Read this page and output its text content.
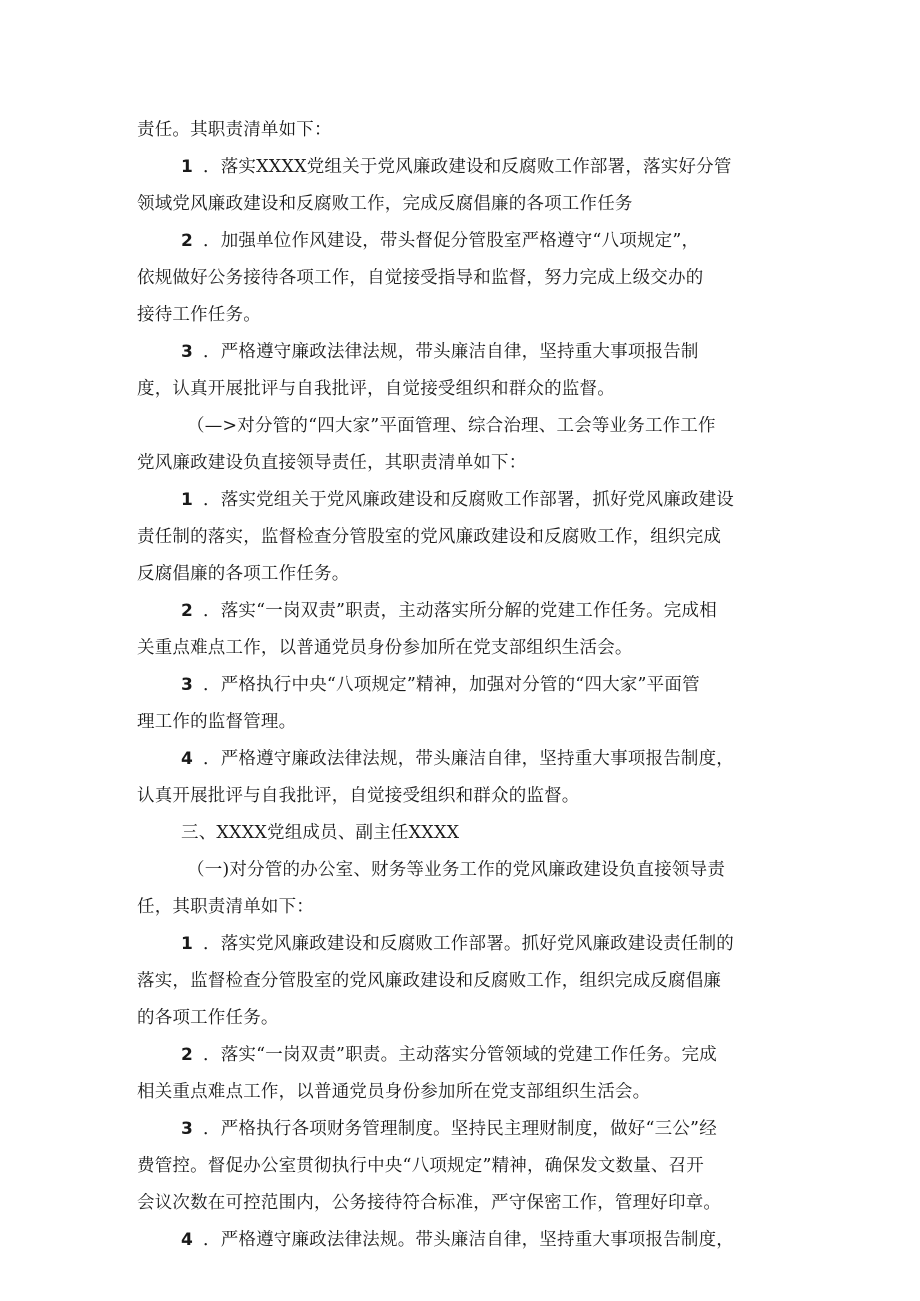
责任。其职责清单如下：
1 ．落实XXXX党组关于党风廉政建设和反腐败工作部署，落实好分管
领域党风廉政建设和反腐败工作，完成反腐倡廉的各项工作任务
2 ．加强单位作风建设，带头督促分管股室严格遵守“八项规定”，
依规做好公务接待各项工作，自觉接受指导和监督，努力完成上级交办的
接待工作任务。
3 ．严格遵守廉政法律法规，带头廉洁自律，坚持重大事项报告制
度，认真开展批评与自我批评，自觉接受组织和群众的监督。
（—>对分管的“四大家”平面管理、综合治理、工会等业务工作工作
党风廉政建设负直接领导责任，其职责清单如下：
1 ．落实党组关于党风廉政建设和反腐败工作部署，抓好党风廉政建设
责任制的落实，监督检查分管股室的党风廉政建设和反腐败工作，组织完成
反腐倡廉的各项工作任务。
2 ．落实“一岗双责”职责，主动落实所分解的党建工作任务。完成相
关重点难点工作，以普通党员身份参加所在党支部组织生活会。
3 ．严格执行中央“八项规定”精神，加强对分管的“四大家”平面管
理工作的监督管理。
4 ．严格遵守廉政法律法规，带头廉洁自律，坚持重大事项报告制度，
认真开展批评与自我批评，自觉接受组织和群众的监督。
三、XXXX党组成员、副主任XXXX
（一)对分管的办公室、财务等业务工作的党风廉政建设负直接领导责
任，其职责清单如下：
1 ．落实党风廉政建设和反腐败工作部署。抓好党风廉政建设责任制的
落实，监督检查分管股室的党风廉政建设和反腐败工作，组织完成反腐倡廉
的各项工作任务。
2 ．落实“一岗双责”职责。主动落实分管领域的党建工作任务。完成
相关重点难点工作，以普通党员身份参加所在党支部组织生活会。
3 ．严格执行各项财务管理制度。坚持民主理财制度，做好“三公”经
费管控。督促办公室贯彻执行中央“八项规定”精神，确保发文数量、召开
会议次数在可控范围内，公务接待符合标准，严守保密工作，管理好印章。
4 ．严格遵守廉政法律法规。带头廉洁自律，坚持重大事项报告制度，
